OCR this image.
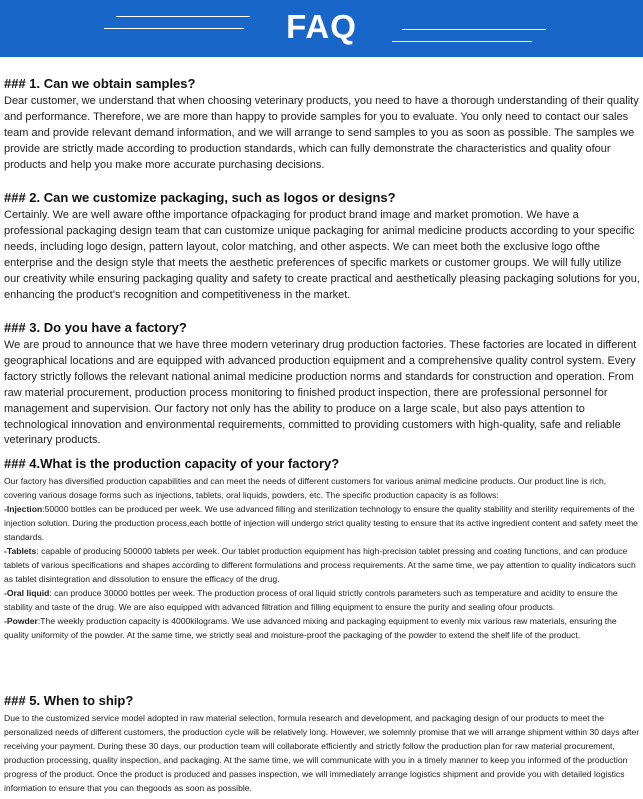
FAQ
### 1. Can we obtain samples?

Dear customer, we understand that when choosing veterinary products, you need to have a thorough understanding of their quality and performance. Therefore, we are more than happy to provide samples for you to evaluate. You only need to contact our sales team and provide relevant demand information, and we will arrange to send samples to you as soon as possible. The samples we provide are strictly made according to production standards, which can fully demonstrate the characteristics and quality ofour products and help you make more accurate purchasing decisions.

### 2. Can we customize packaging, such as logos or designs?

Certainly. We are well aware ofthe importance ofpackaging for product brand image and market promotion. We have a professional packaging design team that can customize unique packaging for animal medicine products according to your specific needs, including logo design, pattern layout, color matching, and other aspects. We can meet both the exclusive logo ofthe enterprise and the design style that meets the aesthetic preferences of specific markets or customer groups. We will fully utilize our creativity while ensuring packaging quality and safety to create practical and aesthetically pleasing packaging solutions for you, enhancing the product's recognition and competitiveness in the market.

### 3. Do you have a factory?

We are proud to announce that we have three modern veterinary drug production factories. These factories are located in different geographical locations and are equipped with advanced production equipment and a comprehensive quality control system. Every factory strictly follows the relevant national animal medicine production norms and standards for construction and operation. From raw material procurement, production process monitoring to finished product inspection, there are professional personnel for management and supervision. Our factory not only has the ability to produce on a large scale, but also pays attention to technological innovation and environmental requirements, committed to providing customers with high-quality, safe and reliable veterinary products.

### 4.What is the production capacity of your factory?

Our factory has diversified production capabilities and can meet the needs of different customers for various animal medicine products. Our product line is rich, covering various dosage forms such as injections, tablets, oral liquids, powders, etc. The specific production capacity is as follows:

-Injection:50000 bottles can be produced per week. We use advanced filling and sterilization technology to ensure the quality stability and sterility requirements of the injection solution. During the production process,each bottle of injection will undergo strict quality testing to ensure that its active ingredient content and safety meet the standards.

-Tablets: capable of producing 500000 tablets per week. Our tablet production equipment has high-precision tablet pressing and coating functions, and can produce tablets of various specifications and shapes according to different formulations and process requirements. At the same time, we pay attention to quality indicators such as tablet disintegration and dissolution to ensure the efficacy of the drug.

-Oral liquid: can produce 30000 bottles per week. The production process of oral liquid strictly controls parameters such as temperature and acidity to ensure the stability and taste of the drug. We are also equipped with advanced filtration and filling equipment to ensure the purity and sealing ofour products.

-Powder:The weekly production capacity is 4000kilograms. We use advanced mixing and packaging equipment to evenly mix various raw materials, ensuring the quality uniformity of the powder. At the same time, we strictly seal and moisture-proof the packaging of the powder to extend the shelf life of the product.

### 5. When to ship?

Due to the customized service model adopted in raw material selection, formula research and development, and packaging design of our products to meet the personalized needs of different customers, the production cycle will be relatively long. However, we solemnly promise that we will arrange shipment within 30 days after receiving your payment. During these 30 days, our production team will collaborate efficiently and strictly follow the production plan for raw material procurement, production processing, quality inspection, and packaging. At the same time, we will communicate with you in a timely manner to keep you informed of the production progress of the product. Once the product is produced and passes inspection, we will immediately arrange logistics shipment and provide you with detailed logistics information to ensure that you can thegoods as soon as possible.
